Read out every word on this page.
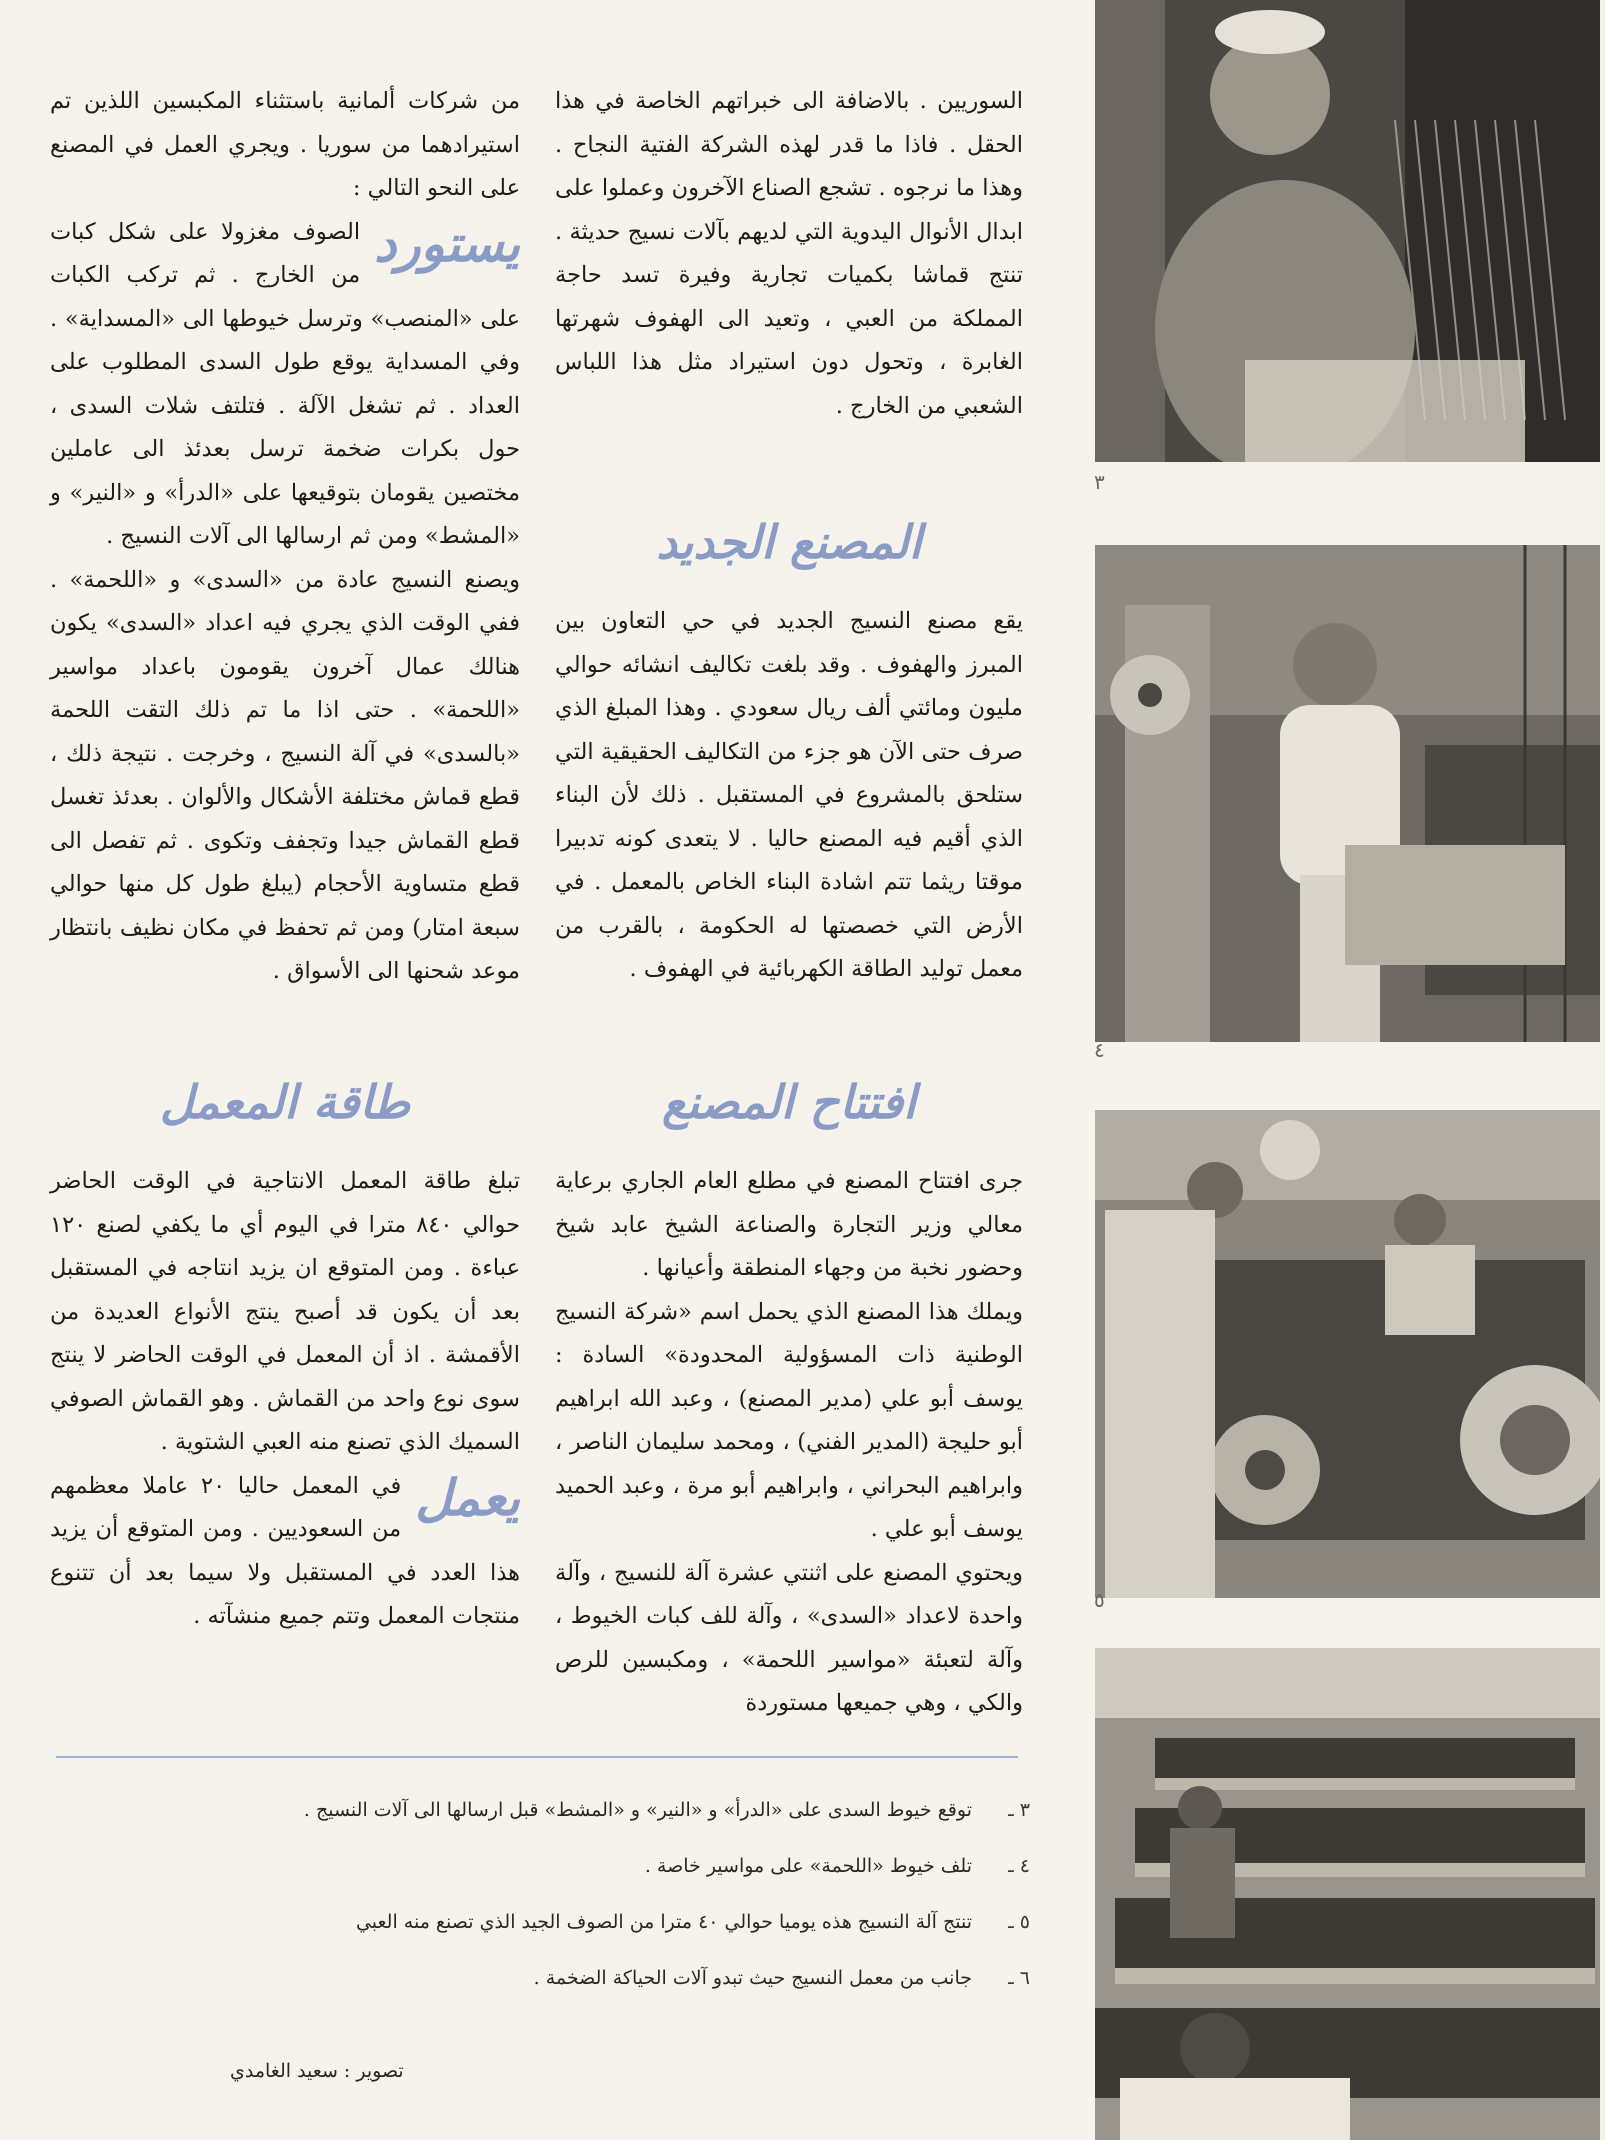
٣
٤
٥

السوريين . بالاضافة الى خبراتهم الخاصة في هذا الحقل . فاذا ما قدر لهذه الشركة الفتية النجاح . وهذا ما نرجوه . تشجع الصناع الآخرون وعملوا على ابدال الأنوال اليدوية التي لديهم بآلات نسيج حديثة . تنتج قماشا بكميات تجارية وفيرة تسد حاجة المملكة من العبي ، وتعيد الى الهفوف شهرتها الغابرة ، وتحول دون استيراد مثل هذا اللباس الشعبي من الخارج .

المصنع الجديد

يقع مصنع النسيج الجديد في حي التعاون بين المبرز والهفوف . وقد بلغت تكاليف انشائه حوالي مليون ومائتي ألف ريال سعودي . وهذا المبلغ الذي صرف حتى الآن هو جزء من التكاليف الحقيقية التي ستلحق بالمشروع في المستقبل . ذلك لأن البناء الذي أقيم فيه المصنع حاليا . لا يتعدى كونه تدبيرا موقتا ريثما تتم اشادة البناء الخاص بالمعمل . في الأرض التي خصصتها له الحكومة ، بالقرب من معمل توليد الطاقة الكهربائية في الهفوف .

افتتاح المصنع

جرى افتتاح المصنع في مطلع العام الجاري برعاية معالي وزير التجارة والصناعة الشيخ عابد شيخ وحضور نخبة من وجهاء المنطقة وأعيانها .

ويملك هذا المصنع الذي يحمل اسم «شركة النسيج الوطنية ذات المسؤولية المحدودة» السادة : يوسف أبو علي (مدير المصنع) ، وعبد الله ابراهيم أبو حليجة (المدير الفني) ، ومحمد سليمان الناصر ، وابراهيم البحراني ، وابراهيم أبو مرة ، وعبد الحميد يوسف أبو علي .

ويحتوي المصنع على اثنتي عشرة آلة للنسيج ، وآلة واحدة لاعداد «السدى» ، وآلة للف كبات الخيوط ، وآلة لتعبئة «مواسير اللحمة» ، ومكبسين للرص والكي ، وهي جميعها مستوردة

من شركات ألمانية باستثناء المكبسين اللذين تم استيرادهما من سوريا . ويجري العمل في المصنع على النحو التالي :

يستورد
الصوف مغزولا على شكل كبات من الخارج . ثم تركب الكبات على «المنصب» وترسل خيوطها الى «المسداية» . وفي المسداية يوقع طول السدى المطلوب على العداد . ثم تشغل الآلة . فتلتف شلات السدى ، حول بكرات ضخمة ترسل بعدئذ الى عاملين مختصين يقومان بتوقيعها على «الدرأ» و «النير» و «المشط» ومن ثم ارسالها الى آلات النسيج .

ويصنع النسيج عادة من «السدى» و «اللحمة» . ففي الوقت الذي يجري فيه اعداد «السدى» يكون هنالك عمال آخرون يقومون باعداد مواسير «اللحمة» . حتى اذا ما تم ذلك التقت اللحمة «بالسدى» في آلة النسيج ، وخرجت . نتيجة ذلك ، قطع قماش مختلفة الأشكال والألوان . بعدئذ تغسل قطع القماش جيدا وتجفف وتكوى . ثم تفصل الى قطع متساوية الأحجام (يبلغ طول كل منها حوالي سبعة امتار) ومن ثم تحفظ في مكان نظيف بانتظار موعد شحنها الى الأسواق .

طاقة المعمل

تبلغ طاقة المعمل الانتاجية في الوقت الحاضر حوالي ٨٤٠ مترا في اليوم أي ما يكفي لصنع ١٢٠ عباءة . ومن المتوقع ان يزيد انتاجه في المستقبل بعد أن يكون قد أصبح ينتج الأنواع العديدة من الأقمشة . اذ أن المعمل في الوقت الحاضر لا ينتج سوى نوع واحد من القماش . وهو القماش الصوفي السميك الذي تصنع منه العبي الشتوية .

يعمل
في المعمل حاليا ٢٠ عاملا معظمهم من السعوديين . ومن المتوقع أن يزيد هذا العدد في المستقبل ولا سيما بعد أن تتنوع منتجات المعمل وتتم جميع منشآته .

٣ ـ
توقع خيوط السدى على «الدرأ» و «النير» و «المشط» قبل ارسالها الى آلات النسيج .
٤ ـ
تلف خيوط «اللحمة» على مواسير خاصة .
٥ ـ
تنتج آلة النسيج هذه يوميا حوالي ٤٠ مترا من الصوف الجيد الذي تصنع منه العبي
٦ ـ
جانب من معمل النسيج حيث تبدو آلات الحياكة الضخمة .
تصوير : سعيد الغامدي
